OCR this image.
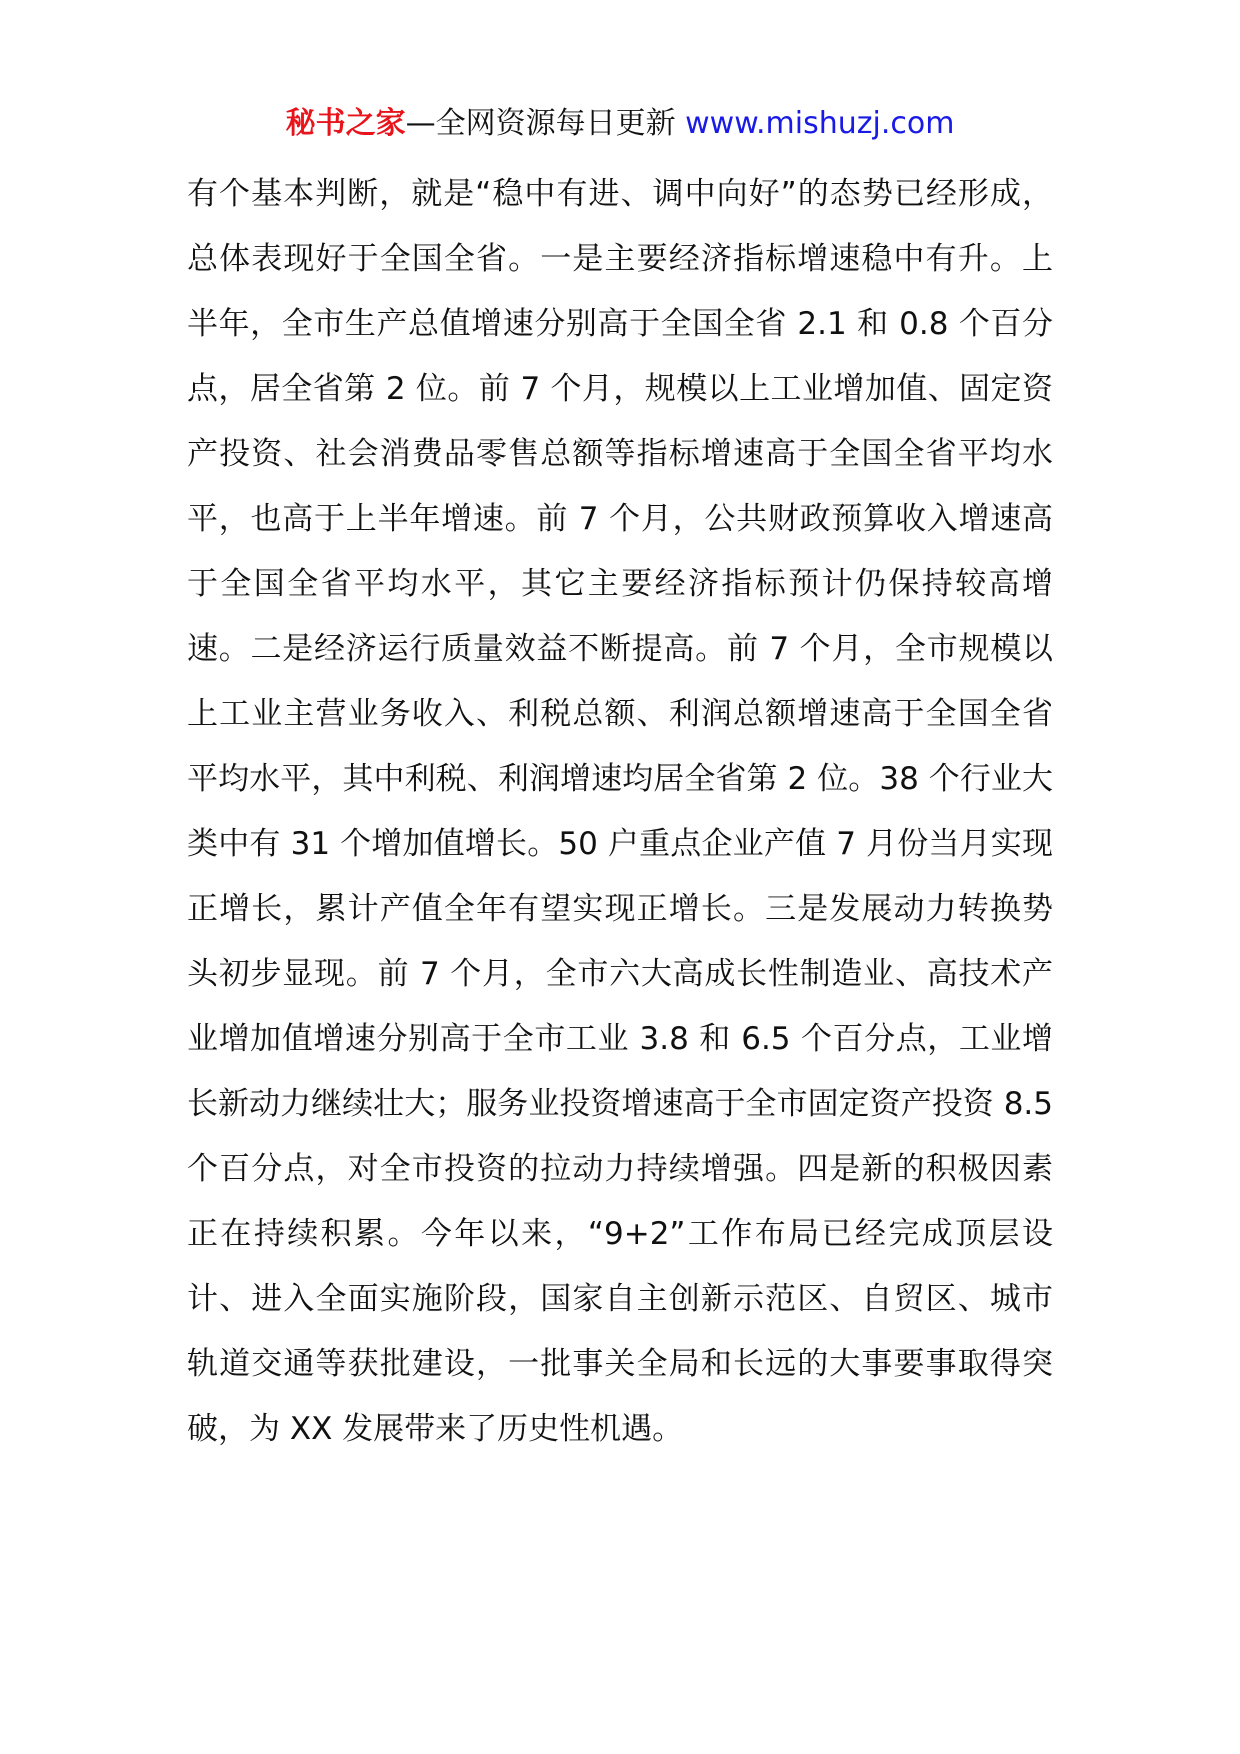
秘书之家—全网资源每日更新 www.mishuzj.com

有个基本判断，就是“稳中有进、调中向好”的态势已经形成，总体表现好于全国全省。一是主要经济指标增速稳中有升。上半年，全市生产总值增速分别高于全国全省 2.1 和 0.8 个百分点，居全省第 2 位。前 7 个月，规模以上工业增加值、固定资产投资、社会消费品零售总额等指标增速高于全国全省平均水平，也高于上半年增速。前 7 个月，公共财政预算收入增速高于全国全省平均水平，其它主要经济指标预计仍保持较高增速。二是经济运行质量效益不断提高。前 7 个月，全市规模以上工业主营业务收入、利税总额、利润总额增速高于全国全省平均水平，其中利税、利润增速均居全省第 2 位。38 个行业大类中有 31 个增加值增长。50 户重点企业产值 7 月份当月实现正增长，累计产值全年有望实现正增长。三是发展动力转换势头初步显现。前 7 个月，全市六大高成长性制造业、高技术产业增加值增速分别高于全市工业 3.8 和 6.5 个百分点，工业增长新动力继续壮大；服务业投资增速高于全市固定资产投资 8.5 个百分点，对全市投资的拉动力持续增强。四是新的积极因素正在持续积累。今年以来，“9+2”工作布局已经完成顶层设计、进入全面实施阶段，国家自主创新示范区、自贸区、城市轨道交通等获批建设，一批事关全局和长远的大事要事取得突破，为 XX 发展带来了历史性机遇。
